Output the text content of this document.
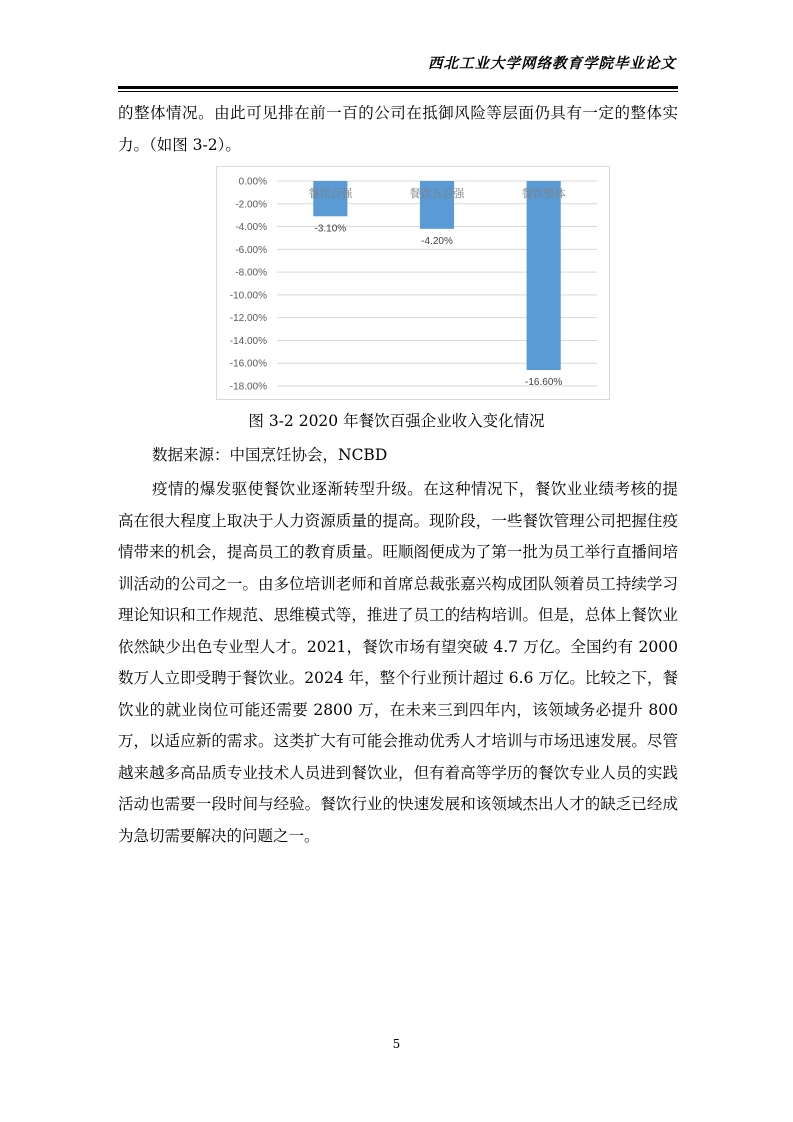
西北工业大学网络教育学院毕业论文

的整体情况。由此可见排在前一百的公司在抵御风险等层面仍具有一定的整体实力。（如图 3-2）。

0.00%
-2.00%
-4.00%
-6.00%
-8.00%
-10.00%
-12.00%
-14.00%
-16.00%
-18.00%
-3.10%
餐饮百强
-4.20%
餐饮五百强
-16.60%
餐饮整体
图 3-2 2020 年餐饮百强企业收入变化情况
数据来源：中国烹饪协会，NCBD

疫情的爆发驱使餐饮业逐渐转型升级。在这种情况下，餐饮业业绩考核的提高在很大程度上取决于人力资源质量的提高。现阶段，一些餐饮管理公司把握住疫情带来的机会，提高员工的教育质量。旺顺阁便成为了第一批为员工举行直播间培训活动的公司之一。由多位培训老师和首席总裁张嘉兴构成团队领着员工持续学习理论知识和工作规范、思维模式等，推进了员工的结构培训。但是，总体上餐饮业依然缺少出色专业型人才。2021，餐饮市场有望突破 4.7 万亿。全国约有 2000 数万人立即受聘于餐饮业。2024 年，整个行业预计超过 6.6 万亿。比较之下，餐饮业的就业岗位可能还需要 2800 万，在未来三到四年内，该领域务必提升 800 万，以适应新的需求。这类扩大有可能会推动优秀人才培训与市场迅速发展。尽管越来越多高品质专业技术人员进到餐饮业，但有着高等学历的餐饮专业人员的实践活动也需要一段时间与经验。餐饮行业的快速发展和该领域杰出人才的缺乏已经成为急切需要解决的问题之一。

5
